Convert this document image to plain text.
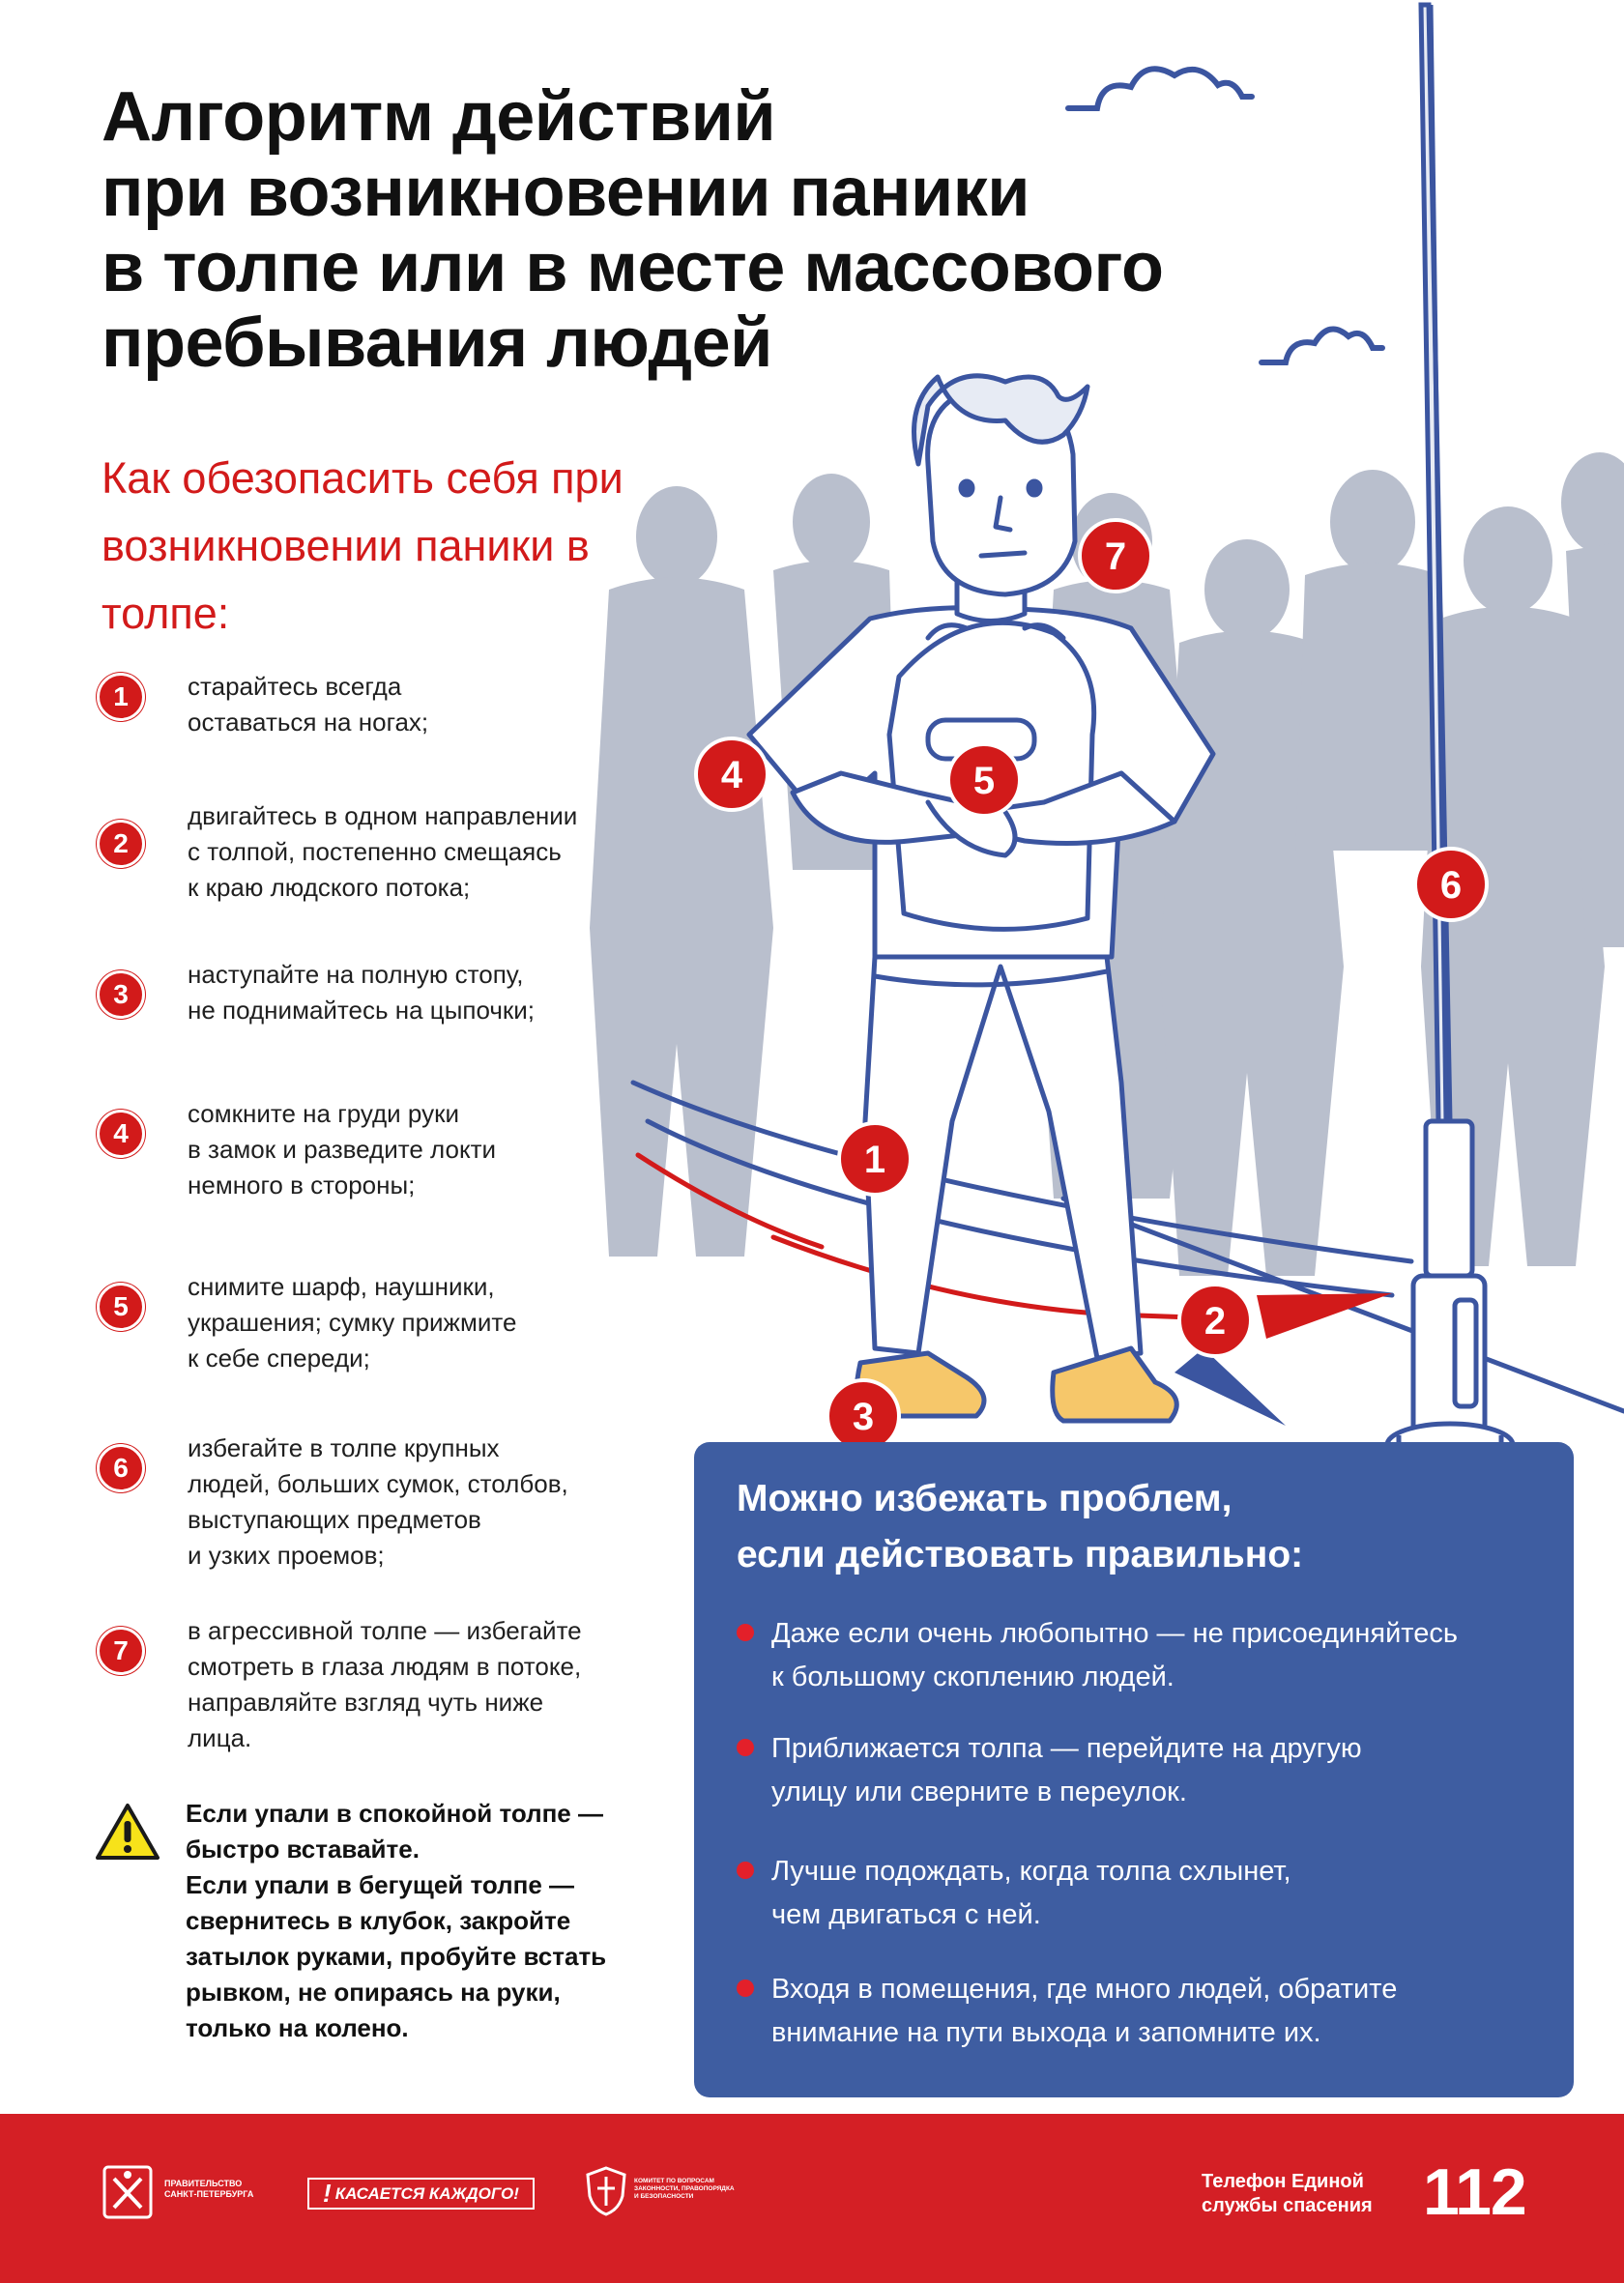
7
4	5
6
1
2
3
Алгоритм действий
при возникновении паники
в толпе или в месте массового
пребывания людей
Как обезопасить себя при возникновении паники в толпе:
1	старайтесь всегда
оставаться на ногах;
2
двигайтесь в одном направлении
с толпой, постепенно смещаясь
к краю людского потока;
3
наступайте на полную стопу,
не поднимайтесь на цыпочки;
4
сомкните на груди руки
в замок и разведите локти
немного в стороны;
5
снимите шарф, наушники,
украшения; сумку прижмите
к себе спереди;
6
избегайте в толпе крупных
людей, больших сумок, столбов,
выступающих предметов
и узких проемов;
7
в агрессивной толпе — избегайте
смотреть в глаза людям в потоке,
направляйте взгляд чуть ниже
лица.
Если упали в спокойной толпе —
быстро вставайте.
Если упали в бегущей толпе —
свернитесь в клубок, закройте
затылок руками, пробуйте встать
рывком, не опираясь на руки,
только на колено.
Можно избежать проблем,
если действовать правильно:
Даже если очень любопытно — не присоединяйтесь
к большому скоплению людей.
Приближается толпа — перейдите на другую
улицу или сверните в переулок.
Лучше подождать, когда толпа схлынет,
чем двигаться с ней.
Входя в помещения, где много людей, обратите
внимание на пути выхода и запомните их.
ПРАВИТЕЛЬСТВО
САНКТ-ПЕТЕРБУРГА	! КАСАЕТСЯ КАЖДОГО!
КОМИТЕТ ПО ВОПРОСАМ
ЗАКОННОСТИ, ПРАВОПОРЯДКА
И БЕЗОПАСНОСТИ
Телефон Единой
службы спасения 112
